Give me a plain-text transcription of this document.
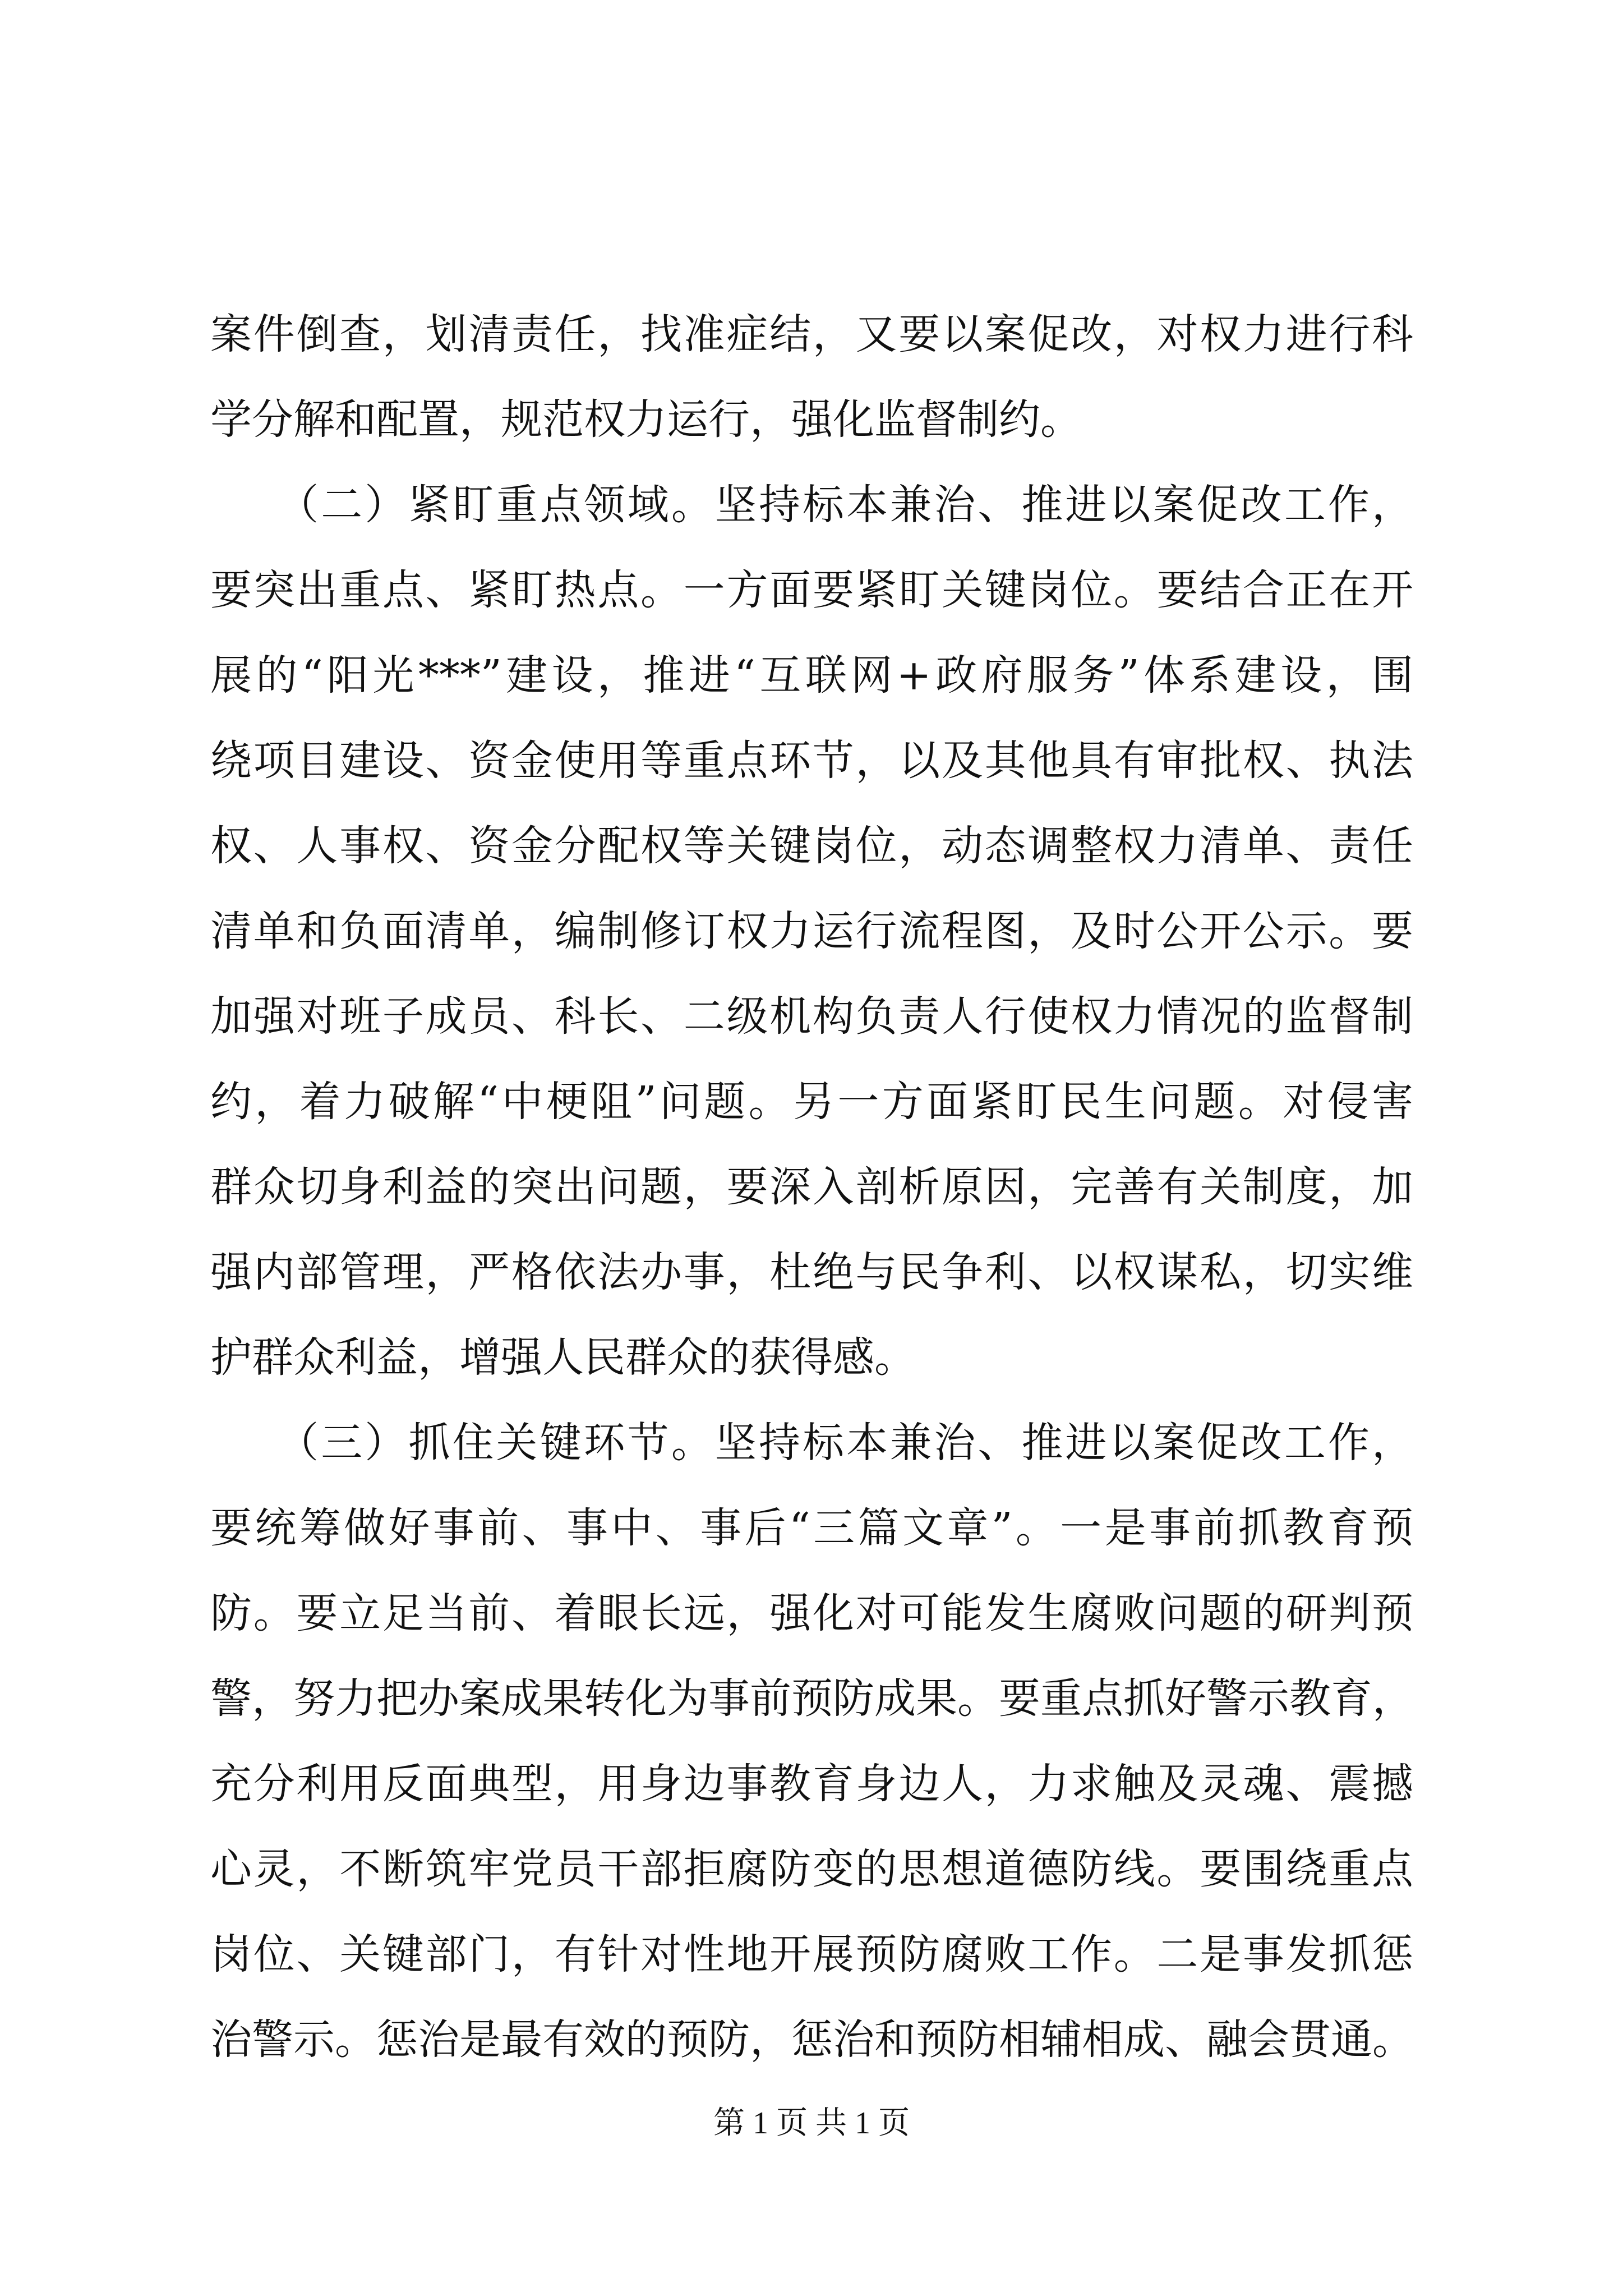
案件倒查，划清责任，找准症结，又要以案促改，对权力进行科
学分解和配置，规范权力运行，强化监督制约。
　　（二）紧盯重点领域。坚持标本兼治、推进以案促改工作，
要突出重点、紧盯热点。一方面要紧盯关键岗位。要结合正在开
展的“阳光***”建设，推进“互联网+政府服务”体系建设，围
绕项目建设、资金使用等重点环节，以及其他具有审批权、执法
权、人事权、资金分配权等关键岗位，动态调整权力清单、责任
清单和负面清单，编制修订权力运行流程图，及时公开公示。要
加强对班子成员、科长、二级机构负责人行使权力情况的监督制
约，着力破解“中梗阻”问题。另一方面紧盯民生问题。对侵害
群众切身利益的突出问题，要深入剖析原因，完善有关制度，加
强内部管理，严格依法办事，杜绝与民争利、以权谋私，切实维
护群众利益，增强人民群众的获得感。
　　（三）抓住关键环节。坚持标本兼治、推进以案促改工作，
要统筹做好事前、事中、事后“三篇文章”。一是事前抓教育预
防。要立足当前、着眼长远，强化对可能发生腐败问题的研判预
警，努力把办案成果转化为事前预防成果。要重点抓好警示教育，
充分利用反面典型，用身边事教育身边人，力求触及灵魂、震撼
心灵，不断筑牢党员干部拒腐防变的思想道德防线。要围绕重点
岗位、关键部门，有针对性地开展预防腐败工作。二是事发抓惩
治警示。惩治是最有效的预防，惩治和预防相辅相成、融会贯通。
第 1 页 共 1 页
